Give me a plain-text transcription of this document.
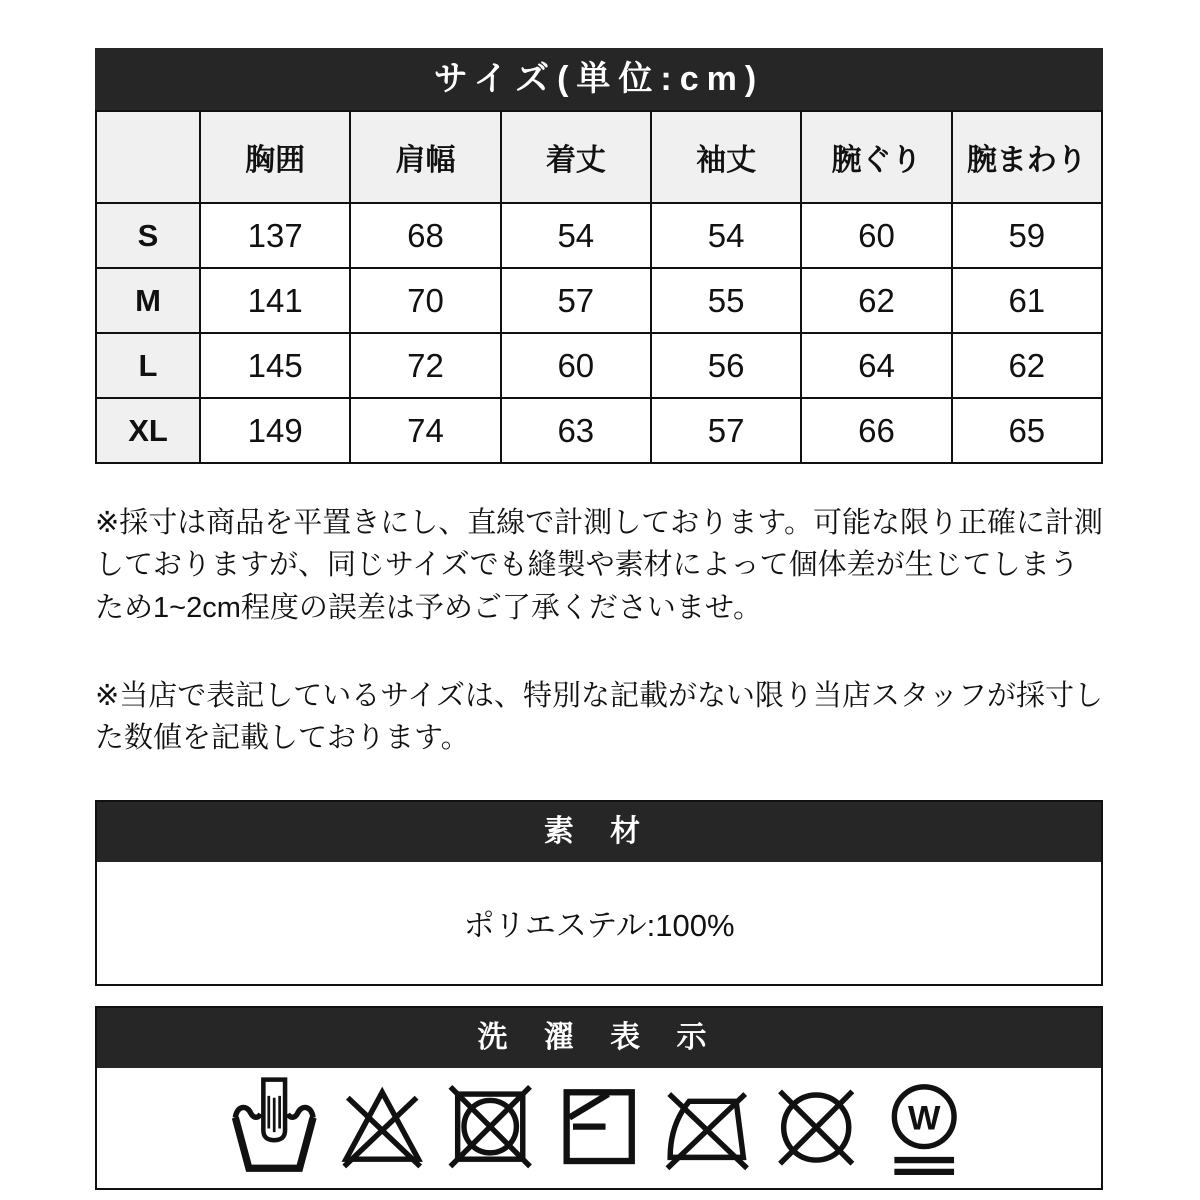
サイズ(単位:cm)
	胸囲	肩幅	着丈	袖丈	腕ぐり	腕まわり
S	137	68	54	54	60	59
M	141	70	57	55	62	61
L	145	72	60	56	64	62
XL	149	74	63	57	66	65

※採寸は商品を平置きにし、直線で計測しております。可能な限り正確に計測しておりますが、同じサイズでも縫製や素材によって個体差が生じてしまうため1~2cm程度の誤差は予めご了承くださいませ。

※当店で表記しているサイズは、特別な記載がない限り当店スタッフが採寸した数値を記載しております。

素 材
ポリエステル:100%
洗 濯 表 示
W
